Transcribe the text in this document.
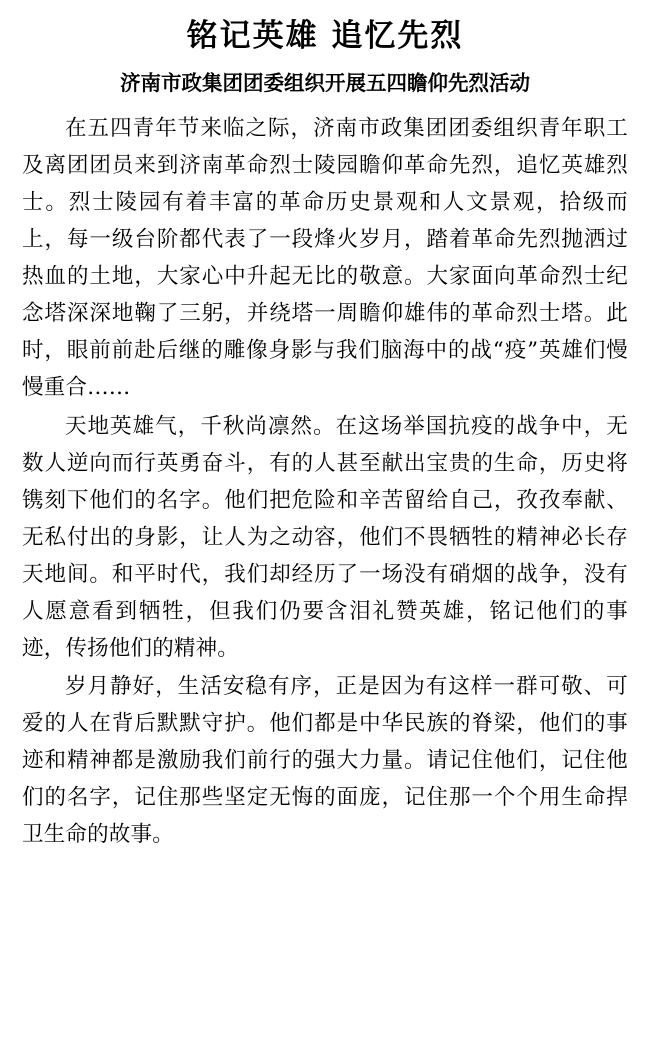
铭记英雄 追忆先烈
济南市政集团团委组织开展五四瞻仰先烈活动

在五四青年节来临之际，济南市政集团团委组织青年职工及离团团员来到济南革命烈士陵园瞻仰革命先烈，追忆英雄烈士。烈士陵园有着丰富的革命历史景观和人文景观，拾级而上，每一级台阶都代表了一段烽火岁月，踏着革命先烈抛洒过热血的土地，大家心中升起无比的敬意。大家面向革命烈士纪念塔深深地鞠了三躬，并绕塔一周瞻仰雄伟的革命烈士塔。此时，眼前前赴后继的雕像身影与我们脑海中的战“疫”英雄们慢慢重合……

天地英雄气，千秋尚凛然。在这场举国抗疫的战争中，无数人逆向而行英勇奋斗，有的人甚至献出宝贵的生命，历史将镌刻下他们的名字。他们把危险和辛苦留给自己，孜孜奉献、无私付出的身影，让人为之动容，他们不畏牺牲的精神必长存天地间。和平时代，我们却经历了一场没有硝烟的战争，没有人愿意看到牺牲，但我们仍要含泪礼赞英雄，铭记他们的事迹，传扬他们的精神。

岁月静好，生活安稳有序，正是因为有这样一群可敬、可爱的人在背后默默守护。他们都是中华民族的脊梁，他们的事迹和精神都是激励我们前行的强大力量。请记住他们，记住他们的名字，记住那些坚定无悔的面庞，记住那一个个用生命捍卫生命的故事。
